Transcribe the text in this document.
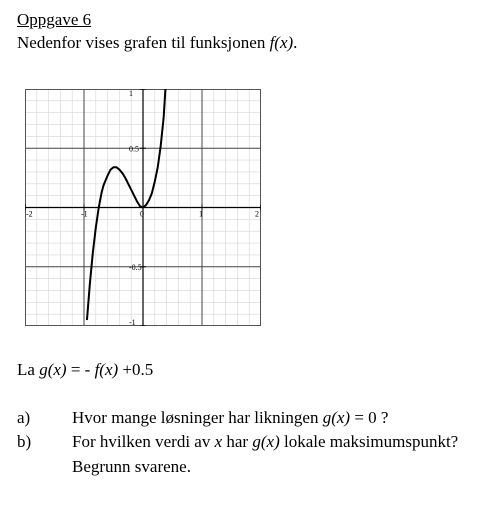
Oppgave 6
Nedenfor vises grafen til funksjonen f(x).
-2	-1	0	1	2
1
0.5
-0.5
-1
La g(x) = - f(x) +0.5
a) Hvor mange løsninger har likningen g(x) = 0 ?
b) For hvilken verdi av x har g(x) lokale maksimumspunkt?
Begrunn svarene.
